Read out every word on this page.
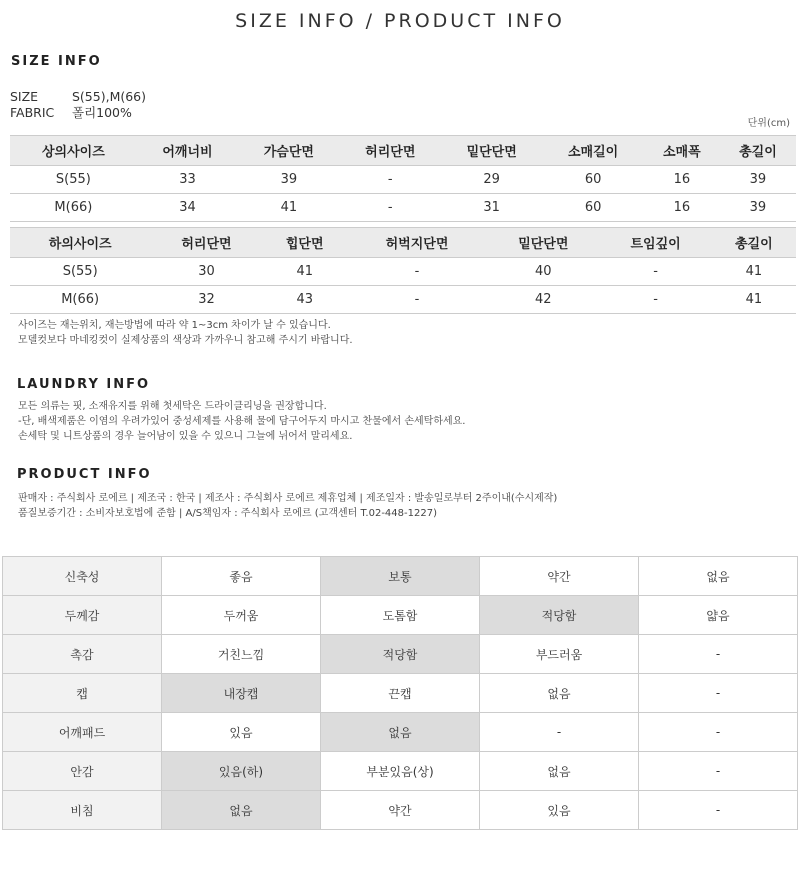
SIZE INFO / PRODUCT INFO
SIZE INFO
SIZE	S(55),M(66)
FABRIC 폴리100%
단위(cm)
상의사이즈	어깨너비	가슴단면	허리단면	밑단단면	소매길이	소매폭	총길이
S(55)	33	39	-	29	60	16	39
M(66)	34	41	-	31	60	16	39
하의사이즈	허리단면	힙단면	허벅지단면	밑단단면	트임깊이	총길이
S(55)	30	41	-	40	-	41
M(66)	32	43	-	42	-	41
사이즈는 재는위치, 재는방법에 따라 약 1~3cm 차이가 날 수 있습니다.
모델컷보다 마네킹컷이 실제상품의 색상과 가까우니 참고해 주시기 바랍니다.
LAUNDRY INFO
모든 의류는 핏, 소재유지를 위해 첫세탁은 드라이클리닝을 권장합니다.
-단, 배색제품은 이염의 우려가있어 중성세제를 사용해 물에 담구어두지 마시고 찬물에서 손세탁하세요.
손세탁 및 니트상품의 경우 늘어남이 있을 수 있으니 그늘에 뉘어서 말리세요.
PRODUCT INFO
판매자 : 주식회사 로에르 | 제조국 : 한국 | 제조사 : 주식회사 로에르 제휴업체 | 제조일자 : 발송일로부터 2주이내(수시제작)
품질보증기간 : 소비자보호법에 준함 | A/S책임자 : 주식회사 로에르 (고객센터 T.02-448-1227)
신축성	좋음	보통	약간	없음
두께감	두꺼움	도톰함	적당함	얇음
촉감	거친느낌	적당함	부드러움	-
캡	내장캡	끈캡	없음	-
어깨패드	있음	없음	-	-
안감	있음(하)	부분있음(상)	없음	-
비침	없음	약간	있음	-
